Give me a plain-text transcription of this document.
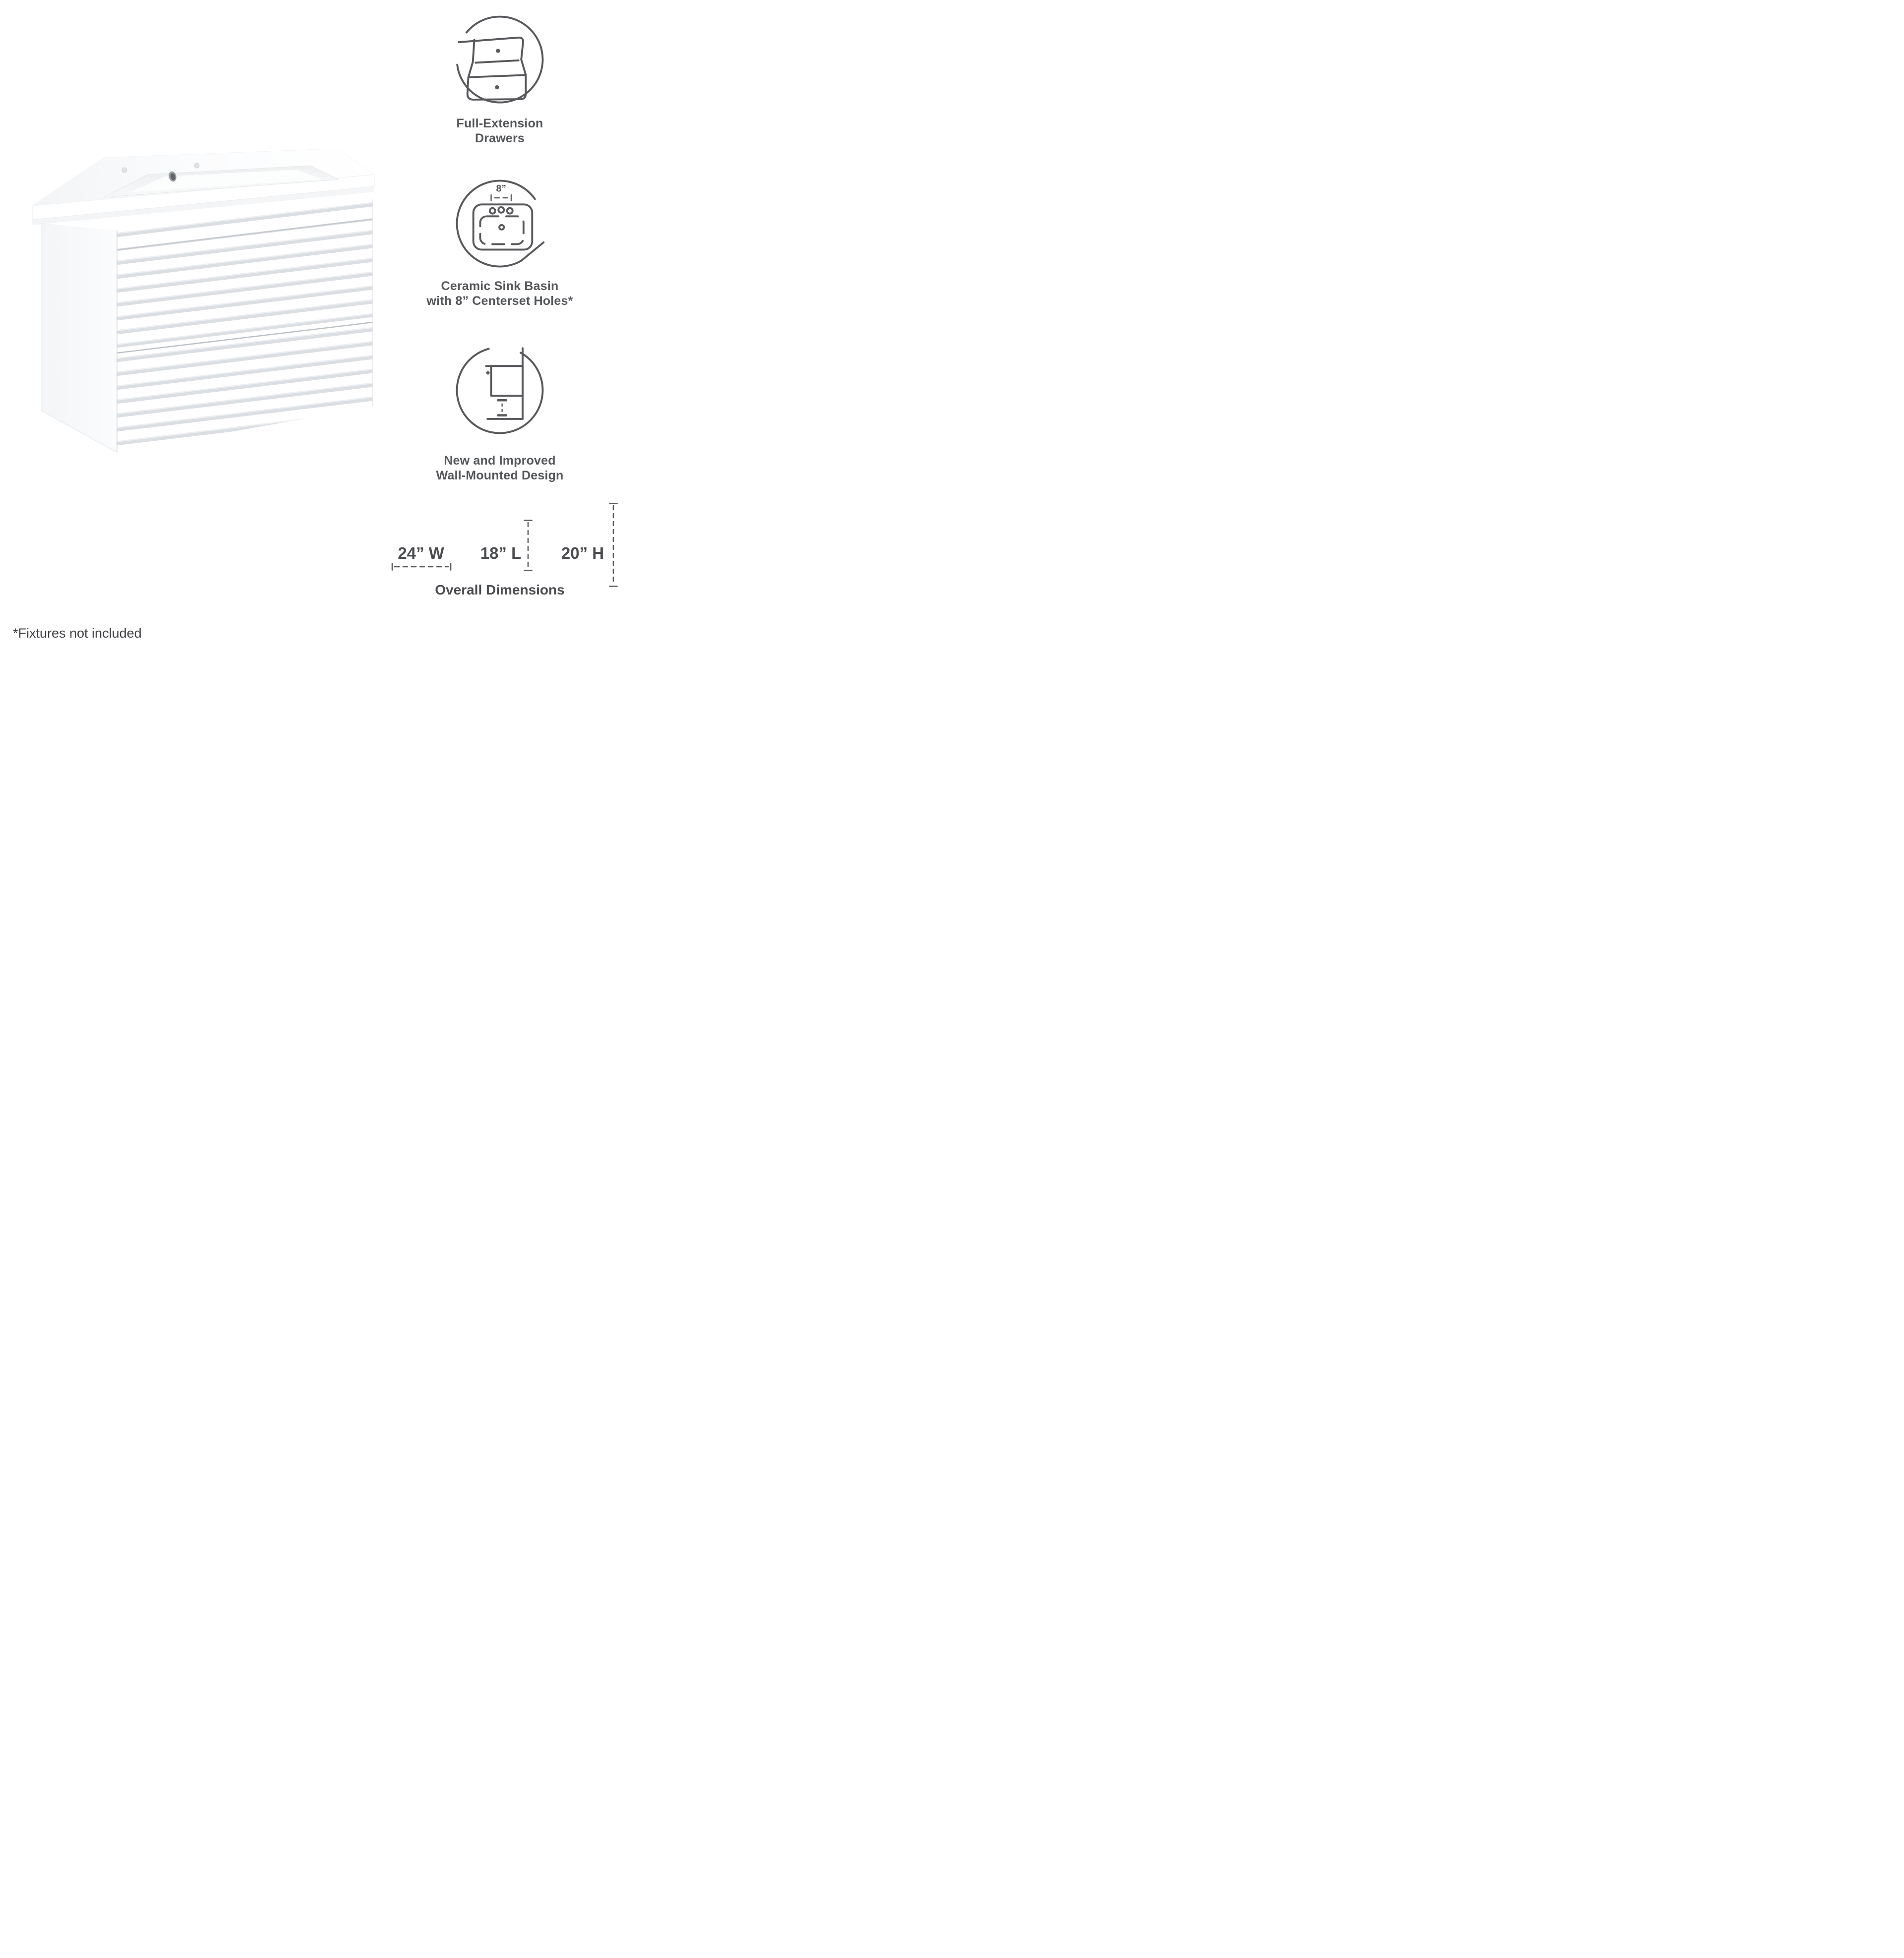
Full-Extension
Drawers
8”
Ceramic Sink Basin
with 8” Centerset Holes*
New and Improved
Wall-Mounted Design
24” W	18” L	20” H
Overall Dimensions
*Fixtures not included
